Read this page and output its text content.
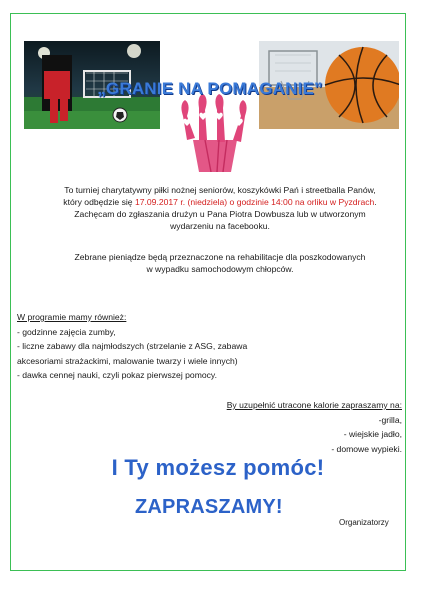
„GRANIE NA POMAGANIE”
To turniej charytatywny piłki nożnej seniorów, koszykówki Pań i streetballa Panów,
który odbędzie się 17.09.2017 r. (niedziela) o godzinie 14:00 na orliku w Pyzdrach.
Zachęcam do zgłaszania drużyn u Pana Piotra Dowbusza lub w utworzonym
wydarzeniu na facebooku.
Zebrane pieniądze będą przeznaczone na rehabilitacje dla poszkodowanych
w wypadku samochodowym chłopców.
W programie mamy również:
- godzinne zajęcia zumby,
- liczne zabawy dla najmłodszych (strzelanie z ASG, zabawa
akcesoriami strażackimi, malowanie twarzy i wiele innych)
- dawka cennej nauki, czyli pokaz pierwszej pomocy.
By uzupełnić utracone kalorie zapraszamy na:
-grilla,
- wiejskie jadło,
- domowe wypieki.
I Ty możesz pomóc!
ZAPRASZAMY!
Organizatorzy
